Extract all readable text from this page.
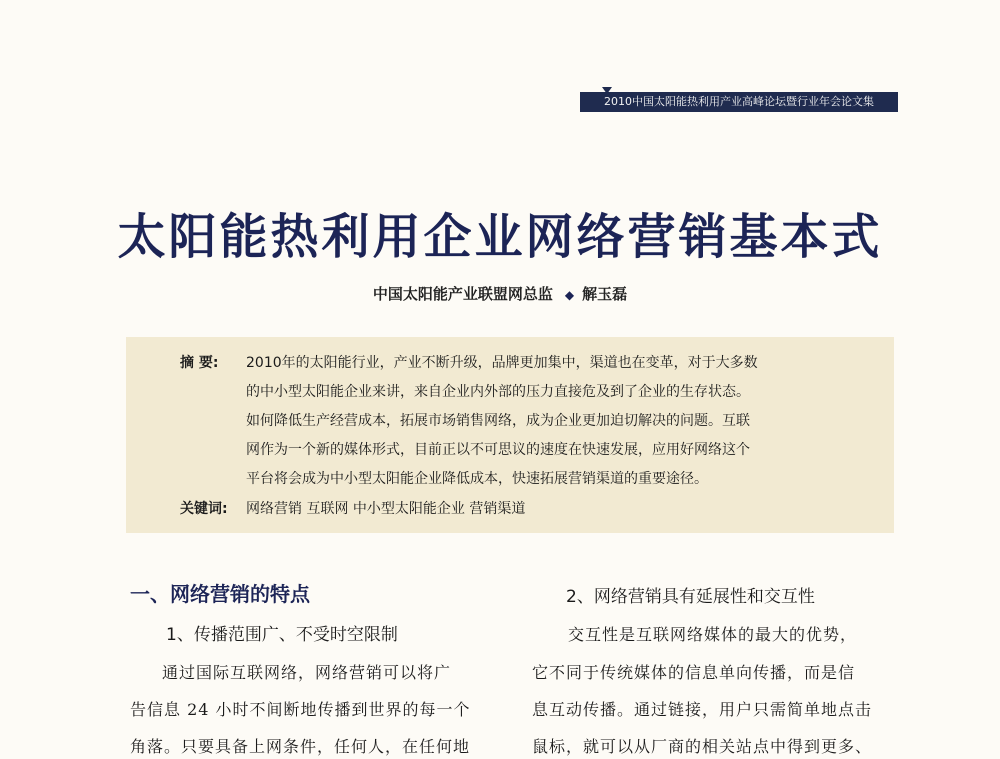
2010中国太阳能热利用产业高峰论坛暨行业年会论文集
太阳能热利用企业网络营销基本式
中国太阳能产业联盟网总监 ◆ 解玉磊
摘 要: 2010年的太阳能行业，产业不断升级，品牌更加集中，渠道也在变革，对于大多数
的中小型太阳能企业来讲，来自企业内外部的压力直接危及到了企业的生存状态。
如何降低生产经营成本，拓展市场销售网络，成为企业更加迫切解决的问题。互联
网作为一个新的媒体形式，目前正以不可思议的速度在快速发展，应用好网络这个
平台将会成为中小型太阳能企业降低成本，快速拓展营销渠道的重要途径。
关键词: 网络营销 互联网 中小型太阳能企业 营销渠道
一、网络营销的特点
1、传播范围广、不受时空限制
通过国际互联网络，网络营销可以将广
告信息 24 小时不间断地传播到世界的每一个
角落。只要具备上网条件，任何人，在任何地
2、网络营销具有延展性和交互性
交互性是互联网络媒体的最大的优势，
它不同于传统媒体的信息单向传播，而是信
息互动传播。通过链接，用户只需简单地点击
鼠标，就可以从厂商的相关站点中得到更多、
